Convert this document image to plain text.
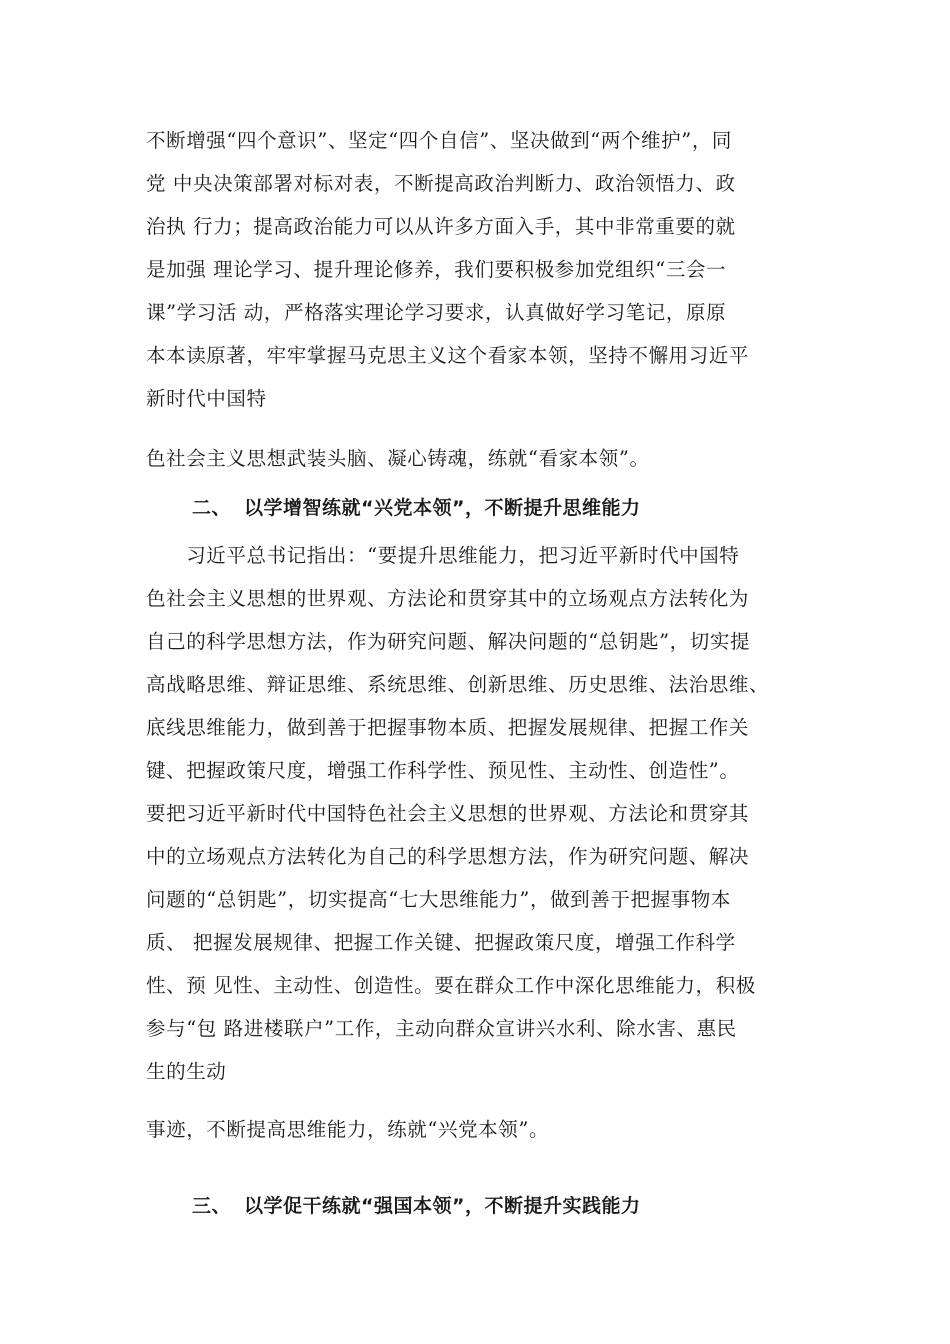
不断增强“四个意识”、坚定“四个自信”、坚决做到“两个维护”，同
党 中央决策部署对标对表，不断提高政治判断力、政治领悟力、政
治执 行力；提高政治能力可以从许多方面入手，其中非常重要的就
是加强 理论学习、提升理论修养，我们要积极参加党组织“三会一
课”学习活 动，严格落实理论学习要求，认真做好学习笔记，原原
本本读原著，牢牢掌握马克思主义这个看家本领，坚持不懈用习近平
新时代中国特
色社会主义思想武装头脑、凝心铸魂，练就“看家本领”。
二、 以学增智练就“兴党本领”，不断提升思维能力
　　习近平总书记指出：“要提升思维能力，把习近平新时代中国特
色社会主义思想的世界观、方法论和贯穿其中的立场观点方法转化为
自己的科学思想方法，作为研究问题、解决问题的“总钥匙”，切实提
高战略思维、辩证思维、系统思维、创新思维、历史思维、法治思维、
底线思维能力，做到善于把握事物本质、把握发展规律、把握工作关
键、把握政策尺度，增强工作科学性、预见性、主动性、创造性”。
要把习近平新时代中国特色社会主义思想的世界观、方法论和贯穿其
中的立场观点方法转化为自己的科学思想方法，作为研究问题、解决
问题的“总钥匙”，切实提高“七大思维能力”，做到善于把握事物本
质、 把握发展规律、把握工作关键、把握政策尺度，增强工作科学
性、预 见性、主动性、创造性。要在群众工作中深化思维能力，积极
参与“包 路进楼联户”工作，主动向群众宣讲兴水利、除水害、惠民
生的生动
事迹，不断提高思维能力，练就“兴党本领”。
三、 以学促干练就“强国本领”，不断提升实践能力
